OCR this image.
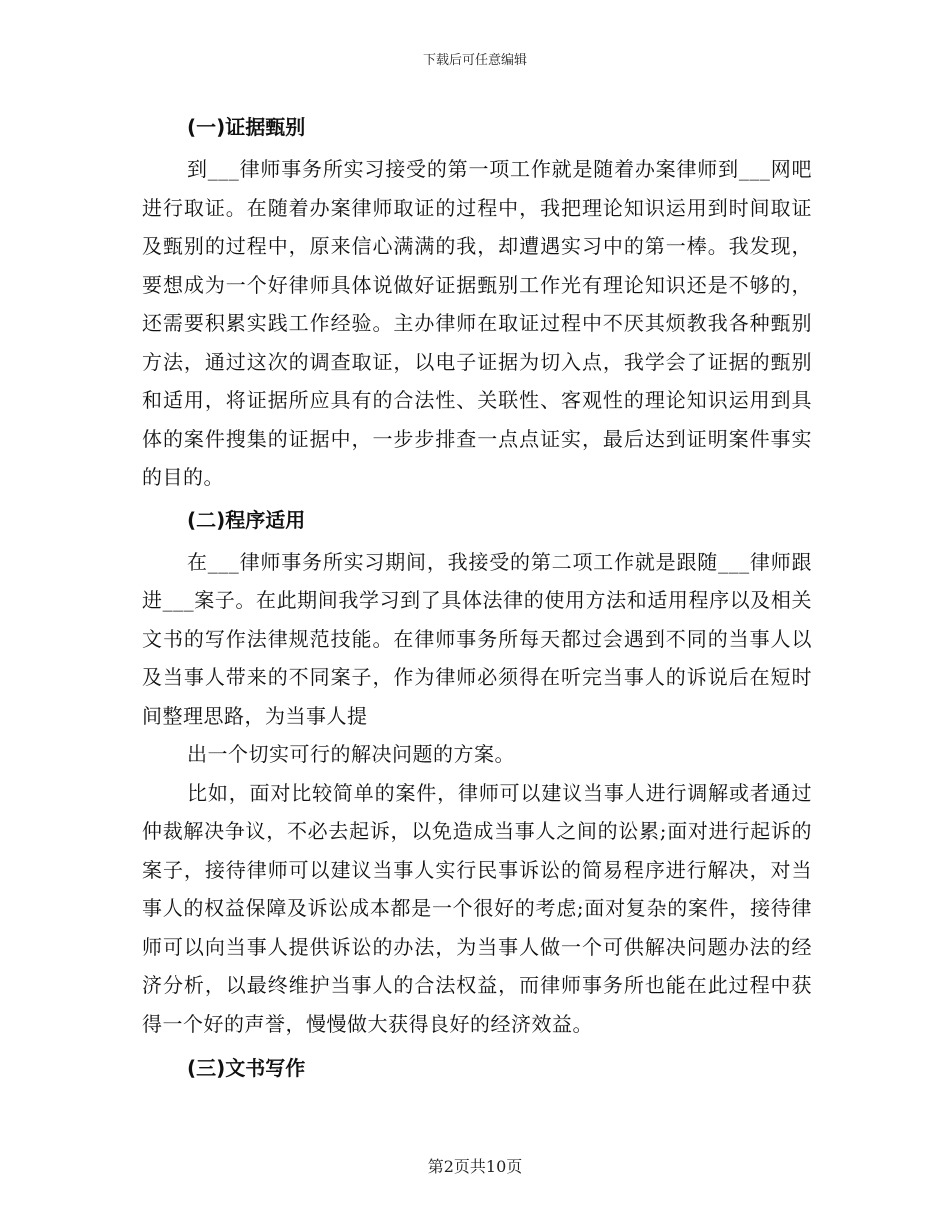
下载后可任意编辑
(一)证据甄别

到___律师事务所实习接受的第一项工作就是随着办案律师到___网吧进行取证。在随着办案律师取证的过程中，我把理论知识运用到时间取证及甄别的过程中，原来信心满满的我，却遭遇实习中的第一棒。我发现，要想成为一个好律师具体说做好证据甄别工作光有理论知识还是不够的，还需要积累实践工作经验。主办律师在取证过程中不厌其烦教我各种甄别方法，通过这次的调查取证，以电子证据为切入点，我学会了证据的甄别和适用，将证据所应具有的合法性、关联性、客观性的理论知识运用到具体的案件搜集的证据中，一步步排查一点点证实，最后达到证明案件事实的目的。

(二)程序适用

在___律师事务所实习期间，我接受的第二项工作就是跟随___律师跟进___案子。在此期间我学习到了具体法律的使用方法和适用程序以及相关文书的写作法律规范技能。在律师事务所每天都过会遇到不同的当事人以及当事人带来的不同案子，作为律师必须得在听完当事人的诉说后在短时间整理思路，为当事人提

出一个切实可行的解决问题的方案。

比如，面对比较简单的案件，律师可以建议当事人进行调解或者通过仲裁解决争议，不必去起诉，以免造成当事人之间的讼累;面对进行起诉的案子，接待律师可以建议当事人实行民事诉讼的简易程序进行解决，对当事人的权益保障及诉讼成本都是一个很好的考虑;面对复杂的案件，接待律师可以向当事人提供诉讼的办法，为当事人做一个可供解决问题办法的经济分析，以最终维护当事人的合法权益，而律师事务所也能在此过程中获得一个好的声誉，慢慢做大获得良好的经济效益。

(三)文书写作
第2页共10页
